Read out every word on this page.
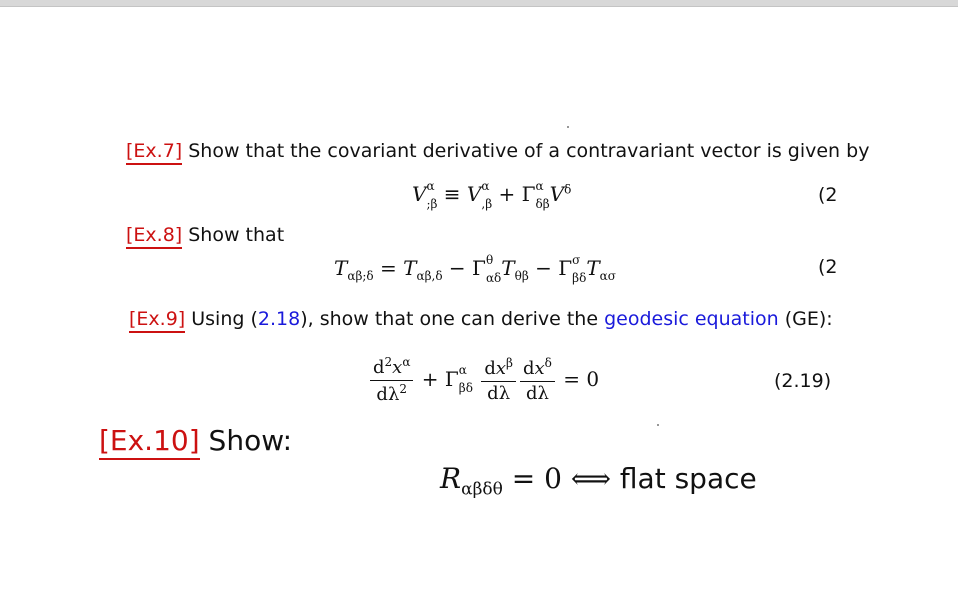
[Ex.7] Show that the covariant derivative of a contravariant vector is given by
V α
;β ≡ V α
,β + Γ α
δβ $V^\delta$	(2
[Ex.8] Show that
$T_{\alpha\beta;\delta} = T_{\alpha\beta,\delta} - \Gamma$ θ
αδ $T_{\theta\beta} - \Gamma$ σ
βδ $T_{\alpha\sigma}$	(2
[Ex.9] Using (2.18), show that one can derive the geodesic equation (GE):
$\frac{d^2x^\alpha}{d\lambda^2} + \Gamma$ α
βδ
$\frac{dx^\beta}{d\lambda} \frac{dx^\delta}{d\lambda} = 0$	(2.19)
[Ex.10] Show:
$R_{\alpha\beta\delta\theta} = 0$ ⟺ flat space
